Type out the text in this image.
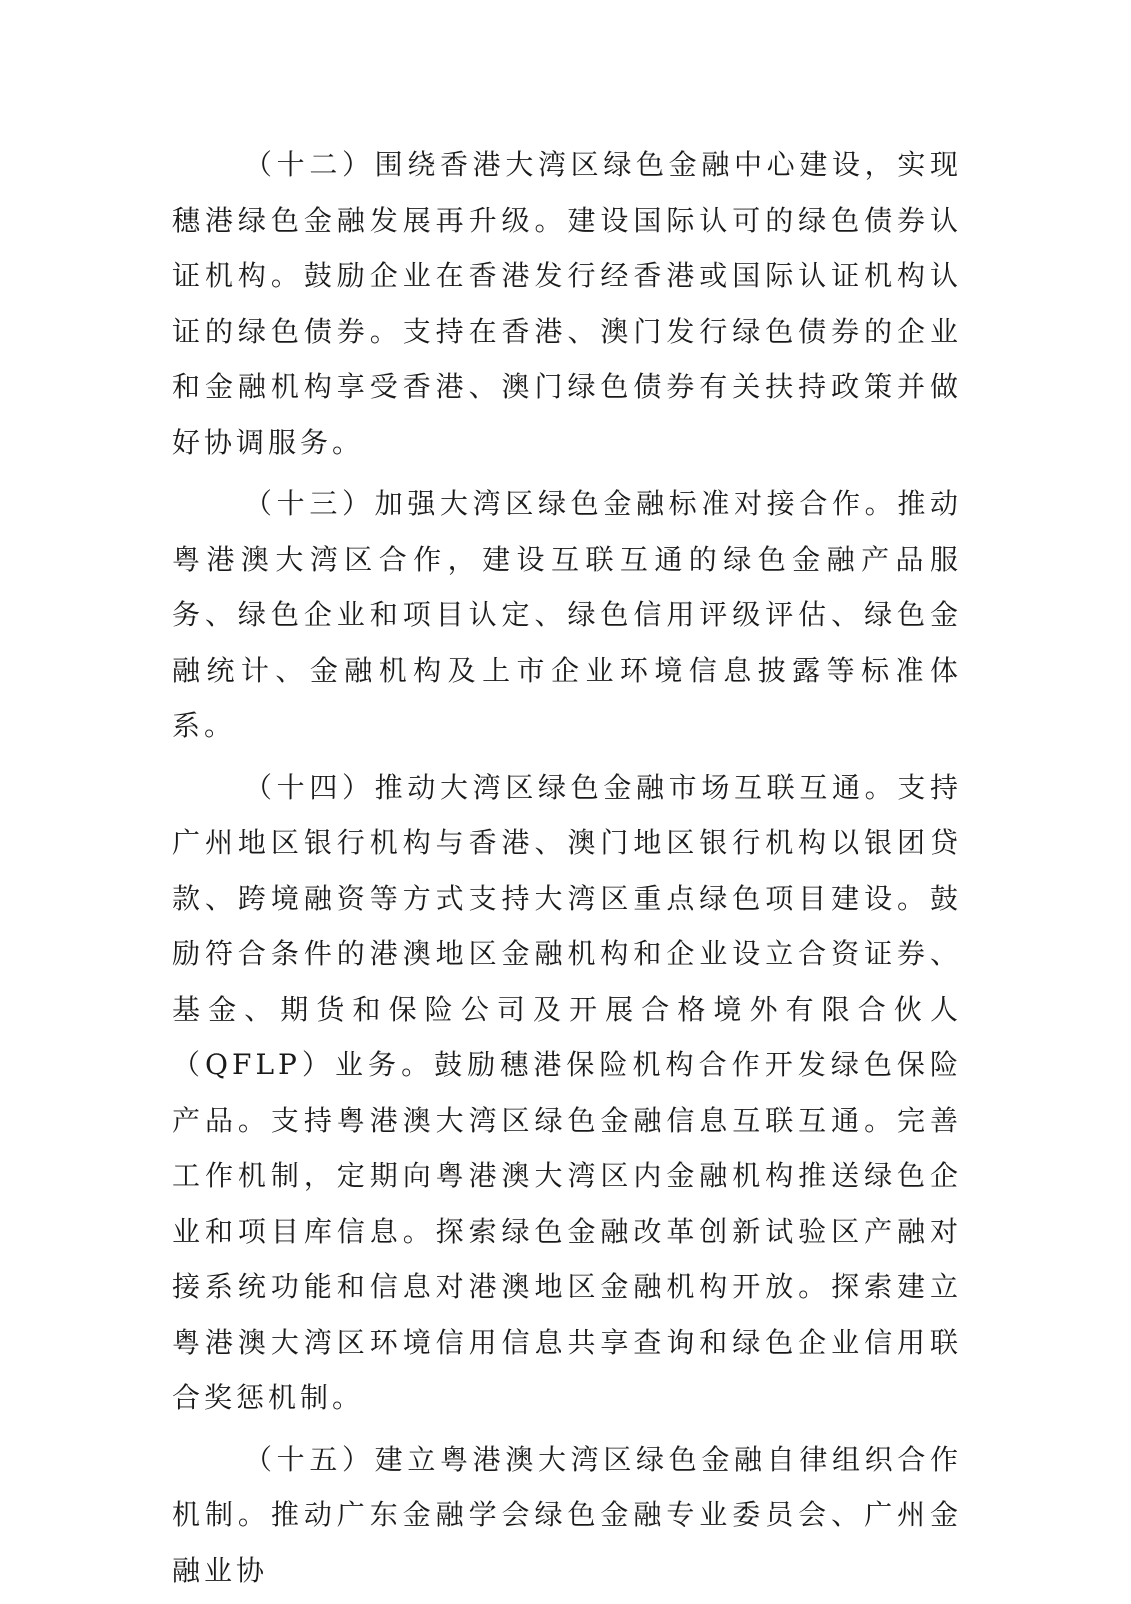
（十二）围绕香港大湾区绿色金融中心建设，实现穗港绿色金融发展再升级。建设国际认可的绿色债券认证机构。鼓励企业在香港发行经香港或国际认证机构认证的绿色债券。支持在香港、澳门发行绿色债券的企业和金融机构享受香港、澳门绿色债券有关扶持政策并做好协调服务。

（十三）加强大湾区绿色金融标准对接合作。推动粤港澳大湾区合作，建设互联互通的绿色金融产品服务、绿色企业和项目认定、绿色信用评级评估、绿色金融统计、金融机构及上市企业环境信息披露等标准体系。

（十四）推动大湾区绿色金融市场互联互通。支持广州地区银行机构与香港、澳门地区银行机构以银团贷款、跨境融资等方式支持大湾区重点绿色项目建设。鼓励符合条件的港澳地区金融机构和企业设立合资证券、基金、期货和保险公司及开展合格境外有限合伙人（QFLP）业务。鼓励穗港保险机构合作开发绿色保险产品。支持粤港澳大湾区绿色金融信息互联互通。完善工作机制，定期向粤港澳大湾区内金融机构推送绿色企业和项目库信息。探索绿色金融改革创新试验区产融对接系统功能和信息对港澳地区金融机构开放。探索建立粤港澳大湾区环境信用信息共享查询和绿色企业信用联合奖惩机制。

（十五）建立粤港澳大湾区绿色金融自律组织合作机制。推动广东金融学会绿色金融专业委员会、广州金融业协
